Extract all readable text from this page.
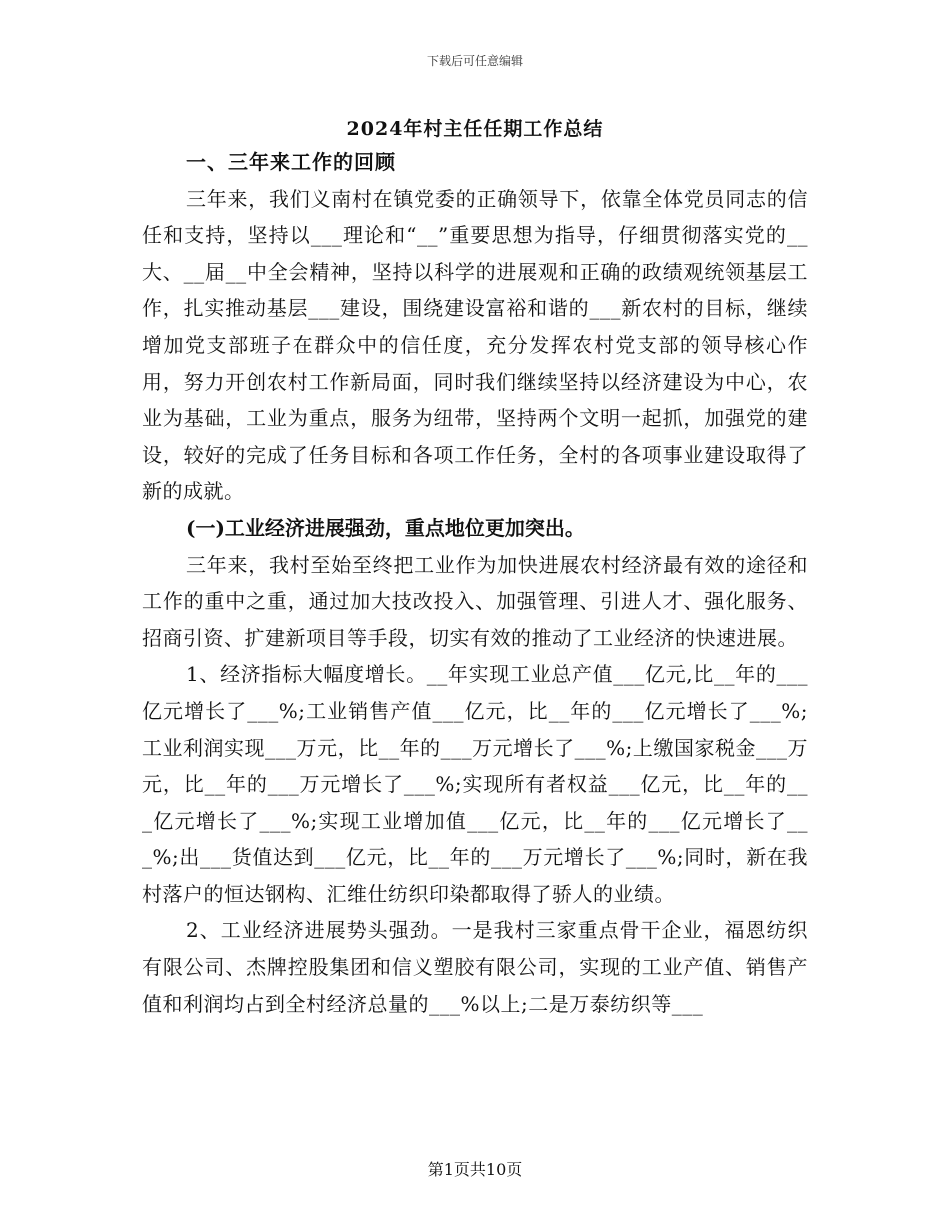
下载后可任意编辑
2024年村主任任期工作总结

一、三年来工作的回顾

三年来，我们义南村在镇党委的正确领导下，依靠全体党员同志的信任和支持，坚持以___理论和“__”重要思想为指导，仔细贯彻落实党的__大、__届__中全会精神，坚持以科学的进展观和正确的政绩观统领基层工作，扎实推动基层___建设，围绕建设富裕和谐的___新农村的目标，继续增加党支部班子在群众中的信任度，充分发挥农村党支部的领导核心作用，努力开创农村工作新局面，同时我们继续坚持以经济建设为中心，农业为基础，工业为重点，服务为纽带，坚持两个文明一起抓，加强党的建设，较好的完成了任务目标和各项工作任务，全村的各项事业建设取得了新的成就。

(一)工业经济进展强劲，重点地位更加突出。

三年来，我村至始至终把工业作为加快进展农村经济最有效的途径和工作的重中之重，通过加大技改投入、加强管理、引进人才、强化服务、招商引资、扩建新项目等手段，切实有效的推动了工业经济的快速进展。

1、经济指标大幅度增长。__年实现工业总产值___亿元,比__年的___亿元增长了___%;工业销售产值___亿元，比__年的___亿元增长了___%;工业利润实现___万元，比__年的___万元增长了___%;上缴国家税金___万元，比__年的___万元增长了___%;实现所有者权益___亿元，比__年的___亿元增长了___%;实现工业增加值___亿元，比__年的___亿元增长了___%;出___货值达到___亿元，比__年的___万元增长了___%;同时，新在我村落户的恒达钢构、汇维仕纺织印染都取得了骄人的业绩。

2、工业经济进展势头强劲。一是我村三家重点骨干企业，福恩纺织有限公司、杰牌控股集团和信义塑胶有限公司，实现的工业产值、销售产值和利润均占到全村经济总量的___%以上;二是万泰纺织等___

第1页共10页
